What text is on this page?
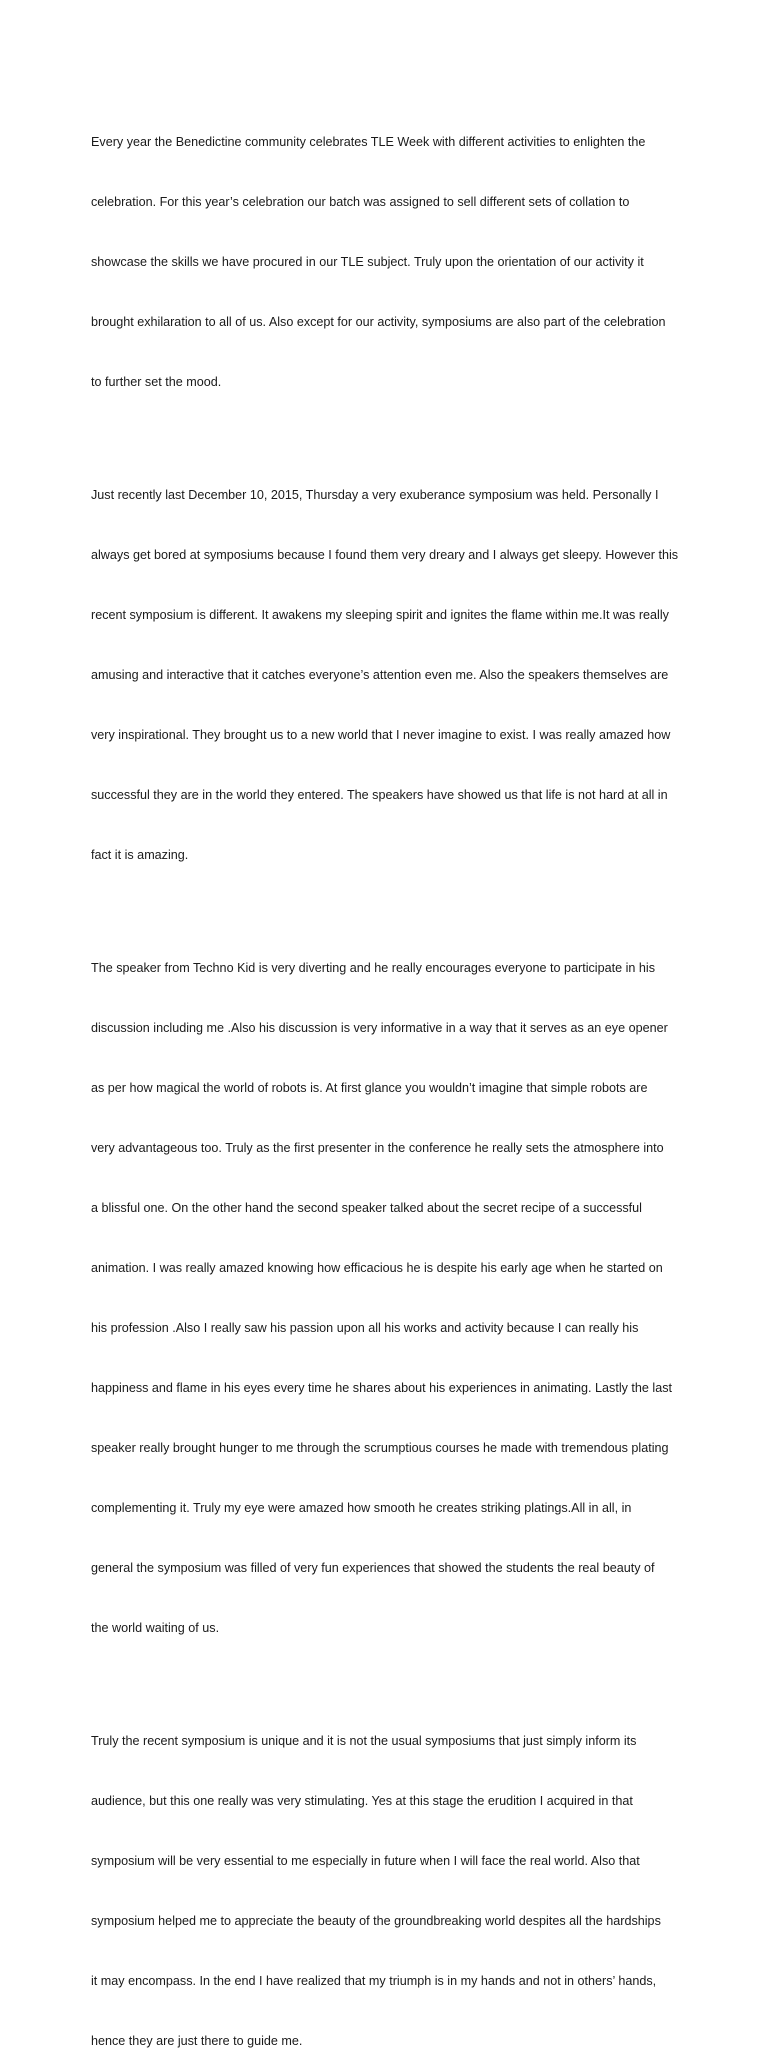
Every year the Benedictine community celebrates TLE Week with different activities to enlighten the

celebration. For this year’s celebration our batch was assigned to sell different sets of collation to

showcase the skills we have procured in our TLE subject. Truly upon the orientation of our activity it

brought exhilaration to all of us. Also except for our activity, symposiums are also part of the celebration

to further set the mood.

Just recently last December 10, 2015, Thursday a very exuberance symposium was held. Personally I

always get bored at symposiums because I found them very dreary and I always get sleepy. However this

recent symposium is different. It awakens my sleeping spirit and ignites the flame within me.It was really

amusing and interactive that it catches everyone’s attention even me. Also the speakers themselves are

very inspirational. They brought us to a new world that I never imagine to exist. I was really amazed how

successful they are in the world they entered. The speakers have showed us that life is not hard at all in

fact it is amazing.

The speaker from Techno Kid is very diverting and he really encourages everyone to participate in his

discussion including me .Also his discussion is very informative in a way that it serves as an eye opener

as per how magical the world of robots is. At first glance you wouldn’t imagine that simple robots are

very advantageous too. Truly as the first presenter in the conference he really sets the atmosphere into

a blissful one. On the other hand the second speaker talked about the secret recipe of a successful

animation. I was really amazed knowing how efficacious he is despite his early age when he started on

his profession .Also I really saw his passion upon all his works and activity because I can really his

happiness and flame in his eyes every time he shares about his experiences in animating. Lastly the last

speaker really brought hunger to me through the scrumptious courses he made with tremendous plating

complementing it. Truly my eye were amazed how smooth he creates striking platings.All in all, in

general the symposium was filled of very fun experiences that showed the students the real beauty of

the world waiting of us.

Truly the recent symposium is unique and it is not the usual symposiums that just simply inform its

audience, but this one really was very stimulating. Yes at this stage the erudition I acquired in that

symposium will be very essential to me especially in future when I will face the real world. Also that

symposium helped me to appreciate the beauty of the groundbreaking world despites all the hardships

it may encompass. In the end I have realized that my triumph is in my hands and not in others’ hands,

hence they are just there to guide me.
